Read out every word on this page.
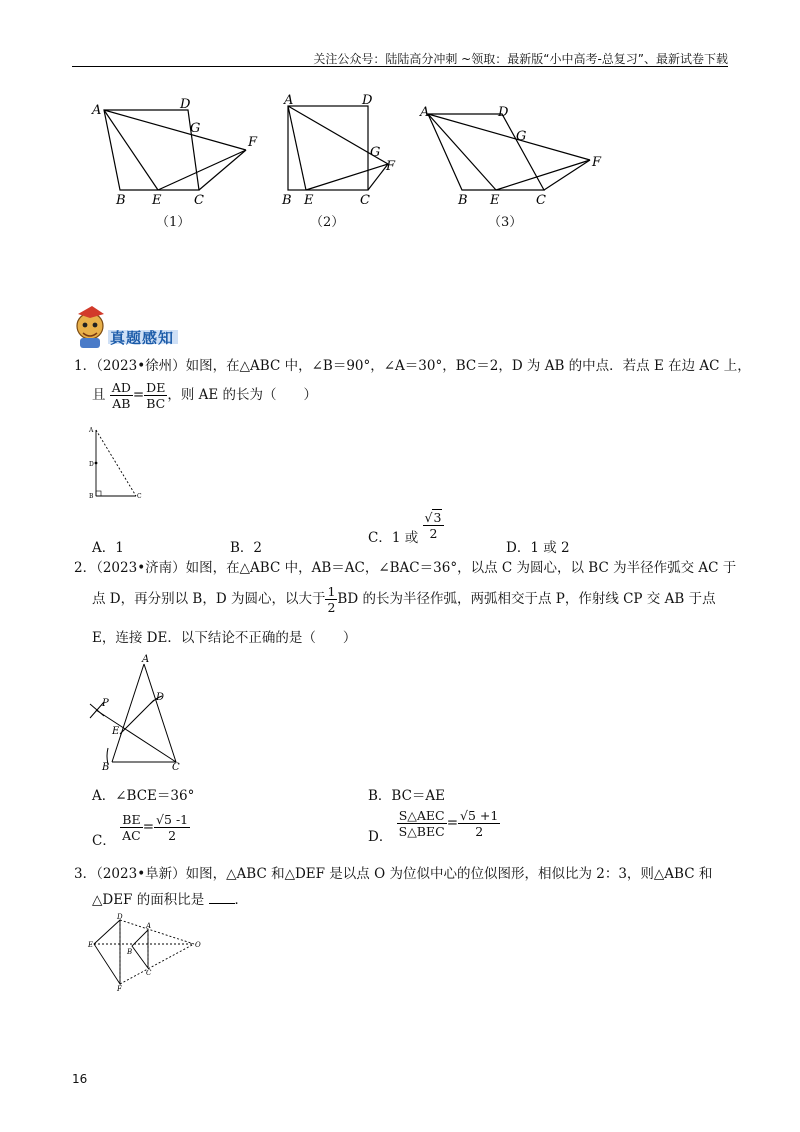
关注公众号：陆陆高分冲刺 ~领取：最新版“小中高考-总复习”、最新试卷下载
A	D
G
F
B E	C
A	D
G
F
B E	C
A	D
G
F
B E	C
（1）	（2）	（3）
真题感知
1．（2023•徐州）如图，在△ABC 中，∠B＝90°，∠A＝30°，BC＝2，D 为 AB 的中点．若点 E 在边 AC 上，
且 $\frac{AD}{AB} = \frac{DE}{BC}$ ，则 AE 的长为（　　）
A
D
B	C
A．1	B．2
C．1 或 $\frac{√3}{2}$
D．1 或 2
2．（2023•济南）如图，在△ABC 中，AB＝AC，∠BAC＝36°，以点 C 为圆心，以 BC 为半径作弧交 AC 于
点 D，再分别以 B，D 为圆心，以大于 $\frac{1}{2}$ BD 的长为半径作弧，两弧相交于点 P，作射线 CP 交 AB 于点
E，连接 DE．以下结论不正确的是（　　）
A
D
P
E
B	C
A．∠BCE＝36°	B．BC＝AE
C． $\frac{BE}{AC} = \frac{√5 -1}{2}$	D． $\frac{\text{S△AEC}}{\text{S△BEC}} = \frac{√5 +1}{2}$
3．（2023•阜新）如图，△ABC 和△DEF 是以点 O 为位似中心的位似图形，相似比为 2：3，则△ABC 和
△DEF 的面积比是 ．
D
A
E
B
C
O
F
16
